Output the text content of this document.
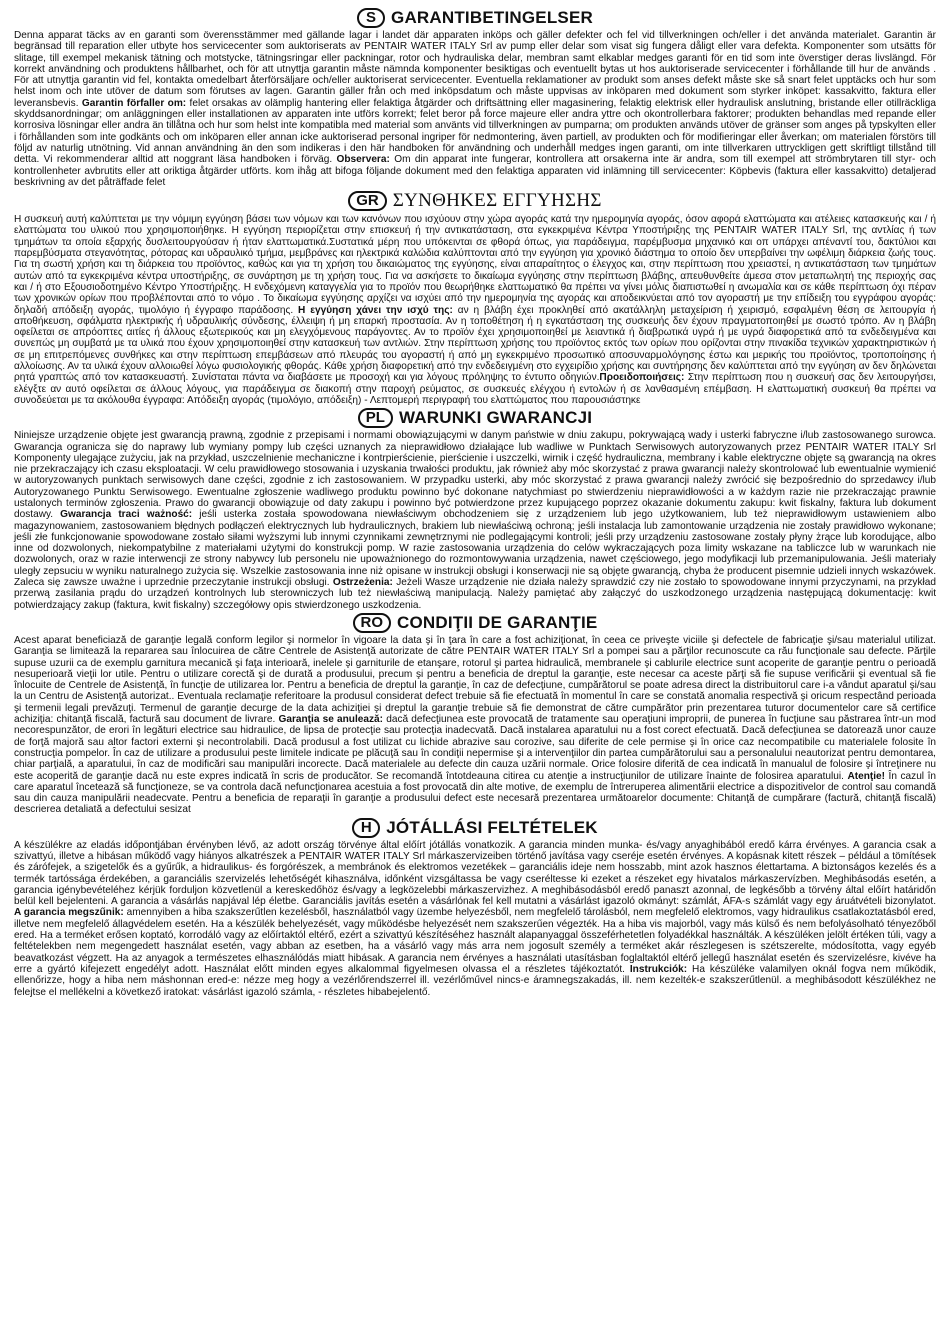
S GARANTIBETINGELSER

Denna apparat täcks av en garanti som överensstämmer med gällande lagar i landet där apparaten inköps och gäller defekter och fel vid tillverkningen och/eller i det använda materialet. Garantin är begränsad till reparation eller utbyte hos servicecenter som auktoriserats av PENTAIR WATER ITALY Srl av pump eller delar som visat sig fungera dåligt eller vara defekta. Komponenter som utsätts för slitage, till exempel mekanisk tätning och motstycke, tätningsringar eller packningar, rotor och hydrauliska delar, membran samt elkablar medges garanti för en tid som inte överstiger deras livslängd. För korrekt användning och produktens hållbarhet, och för att utnyttja garantin måste nämnda komponenter besiktigas och eventuellt bytas ut hos auktoriserade servicecenter i förhållande till hur de används . För att utnyttja garantin vid fel, kontakta omedelbart återförsäljare och/eller auktoriserat servicecenter. Eventuella reklamationer av produkt som anses defekt måste ske så snart felet upptäcks och hur som helst inom och inte utöver de datum som förutses av lagen. Garantin gäller från och med inköpsdatum och måste uppvisas av inköparen med dokument som styrker inköpet: kassakvitto, faktura eller leveransbevis. Garantin förfaller om: felet orsakas av olämplig hantering eller felaktiga åtgärder och driftsättning eller magasinering, felaktig elektrisk eller hydraulisk anslutning, bristande eller otillräckliga skyddsanordningar; om anläggningen eller installationen av apparaten inte utförs korrekt; felet beror på force majeure eller andra yttre och okontrollerbara faktorer; produkten behandlas med repande eller korrosiva lösningar eller andra än tillåtna och hur som helst inte kompatibla med material som använts vid tillverkningen av pumparna; om produkten används utöver de gränser som anges på typskylten eller i förhållanden som inte godkänts och om inköparen eller annan icke auktoriserad personal ingriper för nedmontering, även partiell, av produkten och för modifieringar eller åverkan; om materialen förstörs till följd av naturlig utnötning. Vid annan användning än den som indikeras i den här handboken för användning och underhåll medges ingen garanti, om inte tillverkaren uttryckligen gett skriftligt tillstånd till detta. Vi rekommenderar alltid att noggrant läsa handboken i förväg. Observera: Om din apparat inte fungerar, kontrollera att orsakerna inte är andra, som till exempel att strömbrytaren till styr- och kontrollenheter avbrutits eller att oriktiga åtgärder utförts. kom ihåg att bifoga följande dokument med den felaktiga apparaten vid inlämning till servicecenter: Köpbevis (faktura eller kassakvitto) detaljerad beskrivning av det påträffade felet

GR ΣΥΝΘΗΚΕΣ ΕΓΓΥΗΣΗΣ

Η συσκευή αυτή καλύπτεται με την νόμιμη εγγύηση βάσει των νόμων και των κανόνων που ισχύουν στην χώρα αγοράς κατά την ημερομηνία αγοράς, όσον αφορά ελαττώματα και ατέλειες κατασκευής και / ή ελαττώματα του υλικού που χρησιμοποιήθηκε. Η εγγύηση περιορίζεται στην επισκευή ή την αντικατάσταση, στα εγκεκριμένα Κέντρα Υποστήριξης της PENTAIR WATER ITALY Srl, της αντλίας ή των τμημάτων τα οποία εξαρχής δυσλειτουργούσαν ή ήταν ελαττωματικά.Συστατικά μέρη που υπόκεινται σε φθορά όπως, για παράδειγμα, παρέμβυσμα μηχανικό και οπ υπάρχει απέναντί του, δακτύλιοι και παρεμβύσματα στεγανότητας, ρότορας και υδραυλικό τμήμα, μεμβράνες και ηλεκτρικά καλώδια καλύπτονται από την εγγύηση για χρονικό διάστημα το οποίο δεν υπερβαίνει την ωφέλιμη διάρκεια ζωής τους. Για τη σωστή χρήση και τη διάρκεια του προϊόντος, καθώς και για τη χρήση του δικαιώματος της εγγύησης, είναι απαραίτητος ο έλεγχος και, στην περίπτωση που χρειαστεί, η αντικατάσταση των τμημάτων αυτών από τα εγκεκριμένα κέντρα υποστήριξης, σε συνάρτηση με τη χρήση τους. Για να ασκήσετε το δικαίωμα εγγύησης στην περίπτωση βλάβης, απευθυνθείτε άμεσα στον μεταπωλητή της περιοχής σας και / ή στο Εξουσιοδοτημένο Κέντρο Υποστήριξης. Η ενδεχόμενη καταγγελία για το προϊόν που θεωρήθηκε ελαττωματικό θα πρέπει να γίνει μόλις διαπιστωθεί η ανωμαλία και σε κάθε περίπτωση όχι πέραν των χρονικών ορίων που προβλέπονται από το νόμο . Το δικαίωμα εγγύησης αρχίζει να ισχύει από την ημερομηνία της αγοράς και αποδεικνύεται από τον αγοραστή με την επίδειξη του εγγράφου αγοράς: δηλαδή απόδειξη αγοράς, τιμολόγιο ή έγγραφο παράδοσης. Η εγγύηση χάνει την ισχύ της: αν η βλάβη έχει προκληθεί από ακατάλληλη μεταχείριση ή χειρισμό, εσφαλμένη θέση σε λειτουργία ή αποθήκευση, σφάλματα ηλεκτρικής ή υδραυλικής σύνδεσης, έλλειψη ή μη επαρκή προστασία. Αν η τοποθέτηση ή η εγκατάσταση της συσκευής δεν έχουν πραγματοποιηθεί με σωστό τρόπο. Αν η βλάβη οφείλεται σε απρόοπτες αιτίες ή άλλους εξωτερικούς και μη ελεγχόμενους παράγοντες. Αν το προϊόν έχει χρησιμοποιηθεί με λειαντικά ή διαβρωτικά υγρά ή με υγρά διαφορετικά από τα ενδεδειγμένα και συνεπώς μη συμβατά με τα υλικά που έχουν χρησιμοποιηθεί στην κατασκευή των αντλιών. Στην περίπτωση χρήσης του προϊόντος εκτός των ορίων που ορίζονται στην πινακίδα τεχνικών χαρακτηριστικών ή σε μη επιτρεπόμενες συνθήκες και στην περίπτωση επεμβάσεων από πλευράς του αγοραστή ή από μη εγκεκριμένο προσωπικό αποσυναρμολόγησης έστω και μερικής του προϊόντος, τροποποίησης ή αλλοίωσης. Αν τα υλικά έχουν αλλοιωθεί λόγω φυσιολογικής φθοράς. Κάθε χρήση διαφορετική από την ενδεδειγμένη στο εγχειρίδιο χρήσης και συντήρησης δεν καλύπτεται από την εγγύηση αν δεν δηλώνεται ρητά γραπτώς από τον κατασκευαστή. Συνίσταται πάντα να διαβάσετε με προσοχή και για λόγους πρόληψης το έντυπο οδηγιών.Προειδοποιήσεις: Στην περίπτωση που η συσκευή σας δεν λειτουργήσει, ελέγξτε αν αυτό οφείλεται σε άλλους λόγους, για παράδειγμα σε διακοπή στην παροχή ρεύματος, σε συσκευές ελέγχου ή εντολών ή σε λανθασμένη επέμβαση. Η ελαττωματική συσκευή θα πρέπει να συνοδεύεται με τα ακόλουθα έγγραφα: Απόδειξη αγοράς (τιμολόγιο, απόδειξη) - Λεπτομερή περιγραφή του ελαττώματος που παρουσιάστηκε

PL WARUNKI GWARANCJI

Niniejsze urządzenie objęte jest gwarancją prawną, zgodnie z przepisami i normami obowiązującymi w danym państwie w dniu zakupu, pokrywającą wady i usterki fabryczne i/lub zastosowanego surowca. Gwarancja ogranicza się do naprawy lub wymiany pompy lub części uznanych za nieprawidłowo działające lub wadliwe w Punktach Serwisowych autoryzowanych przez PENTAIR WATER ITALY Srl Komponenty ulegające zużyciu, jak na przykład, uszczelnienie mechaniczne i kontrpierścienie, pierścienie i uszczelki, wirnik i część hydrauliczna, membrany i kable elektryczne objęte są gwarancją na okres nie przekraczający ich czasu eksploatacji. W celu prawidłowego stosowania i uzyskania trwałości produktu, jak również aby móc skorzystać z prawa gwarancji należy skontrolować lub ewentualnie wymienić w autoryzowanych punktach serwisowych dane części, zgodnie z ich zastosowaniem. W przypadku usterki, aby móc skorzystać z prawa gwarancji należy zwrócić się bezpośrednio do sprzedawcy i/lub Autoryzowanego Punktu Serwisowego. Ewentualne zgłoszenie wadliwego produktu powinno być dokonane natychmiast po stwierdzeniu nieprawidłowości a w każdym razie nie przekraczając prawnie ustalonych terminów zgłoszenia. Prawo do gwarancji obowiązuje od daty zakupu i powinno być potwierdzone przez kupującego poprzez okazanie dokumentu zakupu: kwit fiskalny, faktura lub dokument dostawy. Gwarancja traci ważność: jeśli usterka została spowodowana niewłaściwym obchodzeniem się z urządzeniem lub jego użytkowaniem, lub też nieprawidłowym ustawieniem albo magazynowaniem, zastosowaniem błędnych podłączeń elektrycznych lub hydraulicznych, brakiem lub niewłaściwą ochroną; jeśli instalacja lub zamontowanie urządzenia nie zostały prawidłowo wykonane; jeśli złe funkcjonowanie spowodowane zostało siłami wyższymi lub innymi czynnikami zewnętrznymi nie podlegającymi kontroli; jeśli przy urządzeniu zastosowane zostały płyny żrące lub korodujące, albo inne od dozwolonych, niekompatybilne z materiałami użytymi do konstrukcji pomp. W razie zastosowania urządzenia do celów wykraczających poza limity wskazane na tabliczce lub w warunkach nie dozwolonych, oraz w razie interwencji ze strony nabywcy lub personelu nie upoważnionego do rozmontowywania urządzenia, nawet częściowego, jego modyfikacji lub przemanipulowania. Jeśli materiały uległy zepsuciu w wyniku naturalnego zużycia się. Wszelkie zastosowania inne niż opisane w instrukcji obsługi i konserwacji nie są objęte gwarancją, chyba że producent pisemnie udzieli innych wskazówek. Zaleca się zawsze uważne i uprzednie przeczytanie instrukcji obsługi. Ostrzeżenia: Jeżeli Wasze urządzenie nie działa należy sprawdzić czy nie zostało to spowodowane innymi przyczynami, na przykład przerwą zasilania prądu do urządzeń kontrolnych lub sterowniczych lub też niewłaściwą manipulacją. Należy pamiętać aby załączyć do uszkodzonego urządzenia następującą dokumentację: kwit potwierdzający zakup (faktura, kwit fiskalny) szczegółowy opis stwierdzonego uszkodzenia.

RO CONDIŢII DE GARANŢIE

Acest aparat beneficiază de garanţie legală conform legilor şi normelor în vigoare la data şi în ţara în care a fost achiziţionat, în ceea ce priveşte viciile şi defectele de fabricaţie şi/sau materialul utilizat. Garanţia se limitează la repararea sau înlocuirea de către Centrele de Asistenţă autorizate de către PENTAIR WATER ITALY Srl a pompei sau a părţilor recunoscute ca rău funcţionale sau defecte. Părţile supuse uzurii ca de exemplu garnitura mecanică şi faţa interioară, inelele şi garniturile de etanşare, rotorul şi partea hidraulică, membranele şi cablurile electrice sunt acoperite de garanţie pentru o perioadă nesuperioară vieţii lor utile. Pentru o utilizare corectă şi de durată a produsului, precum şi pentru a beneficia de dreptul la garanţie, este necesar ca aceste părţi să fie supuse verificării şi eventual să fie înlocuite de Centrele de Asistenţă, în funcţie de utilizarea lor. Pentru a beneficia de dreptul la garanţie, în caz de defecţiune, cumpărătorul se poate adresa direct la distribuitorul care i-a vândut aparatul şi/sau la un Centru de Asistenţă autorizat.. Eventuala reclamaţie referitoare la produsul considerat defect trebuie să fie efectuată în momentul în care se constată anomalia respectivă şi oricum respectând perioada şi termenii legali prevăzuţi. Termenul de garanţie decurge de la data achiziţiei şi dreptul la garanţie trebuie să fie demonstrat de către cumpărător prin prezentarea tuturor documentelor care să certifice achiziţia: chitanţă fiscală, factură sau document de livrare. Garanţia se anulează: dacă defecţiunea este provocată de tratamente sau operaţiuni improprii, de punerea în fucţiune sau păstrarea într-un mod necorespunzător, de erori în legături electrice sau hidraulice, de lipsa de protecţie sau protecţia inadecvată. Dacă instalarea aparatului nu a fost corect efectuată. Dacă defecţiunea se datorează unor cauze de forţă majoră sau altor factori externi şi necontrolabili. Dacă produsul a fost utilizat cu lichide abrazive sau corozive, sau diferite de cele permise şi în orice caz necompatibile cu materialele folosite în construcţia pompelor. În caz de utilizare a produsului peste limitele indicate pe plăcuţă sau în condiţii nepermise şi a intervenţiilor din partea cumpărătorului sau a personalului neautorizat pentru demontarea, chiar parţială, a aparatului, în caz de modificări sau manipulări incorecte. Dacă materialele au defecte din cauza uzării normale. Orice folosire diferită de cea indicată în manualul de folosire şi întreţinere nu este acoperită de garanţie dacă nu este expres indicată în scris de producător. Se recomandă întotdeauna citirea cu atenţie a instrucţiunilor de utilizare înainte de folosirea aparatului. Atenţie! În cazul în care aparatul încetează să funcţioneze, se va controla dacă nefuncţionarea acestuia a fost provocată din alte motive, de exemplu de întreruperea alimentării electrice a dispozitivelor de control sau comandă sau din cauza manipulării neadecvate. Pentru a beneficia de reparaţii în garanţie a produsului defect este necesară prezentarea următoarelor documente: Chitanţă de cumpărare (factură, chitanţă fiscală) descrierea detaliată a defectului sesizat

H JÓTÁLLÁSI FELTÉTELEK

A készülékre az eladás időpontjában érvényben lévő, az adott ország törvénye által előírt jótállás vonatkozik. A garancia minden munka- és/vagy anyaghibából eredő kárra érvényes. A garancia csak a szivattyú, illetve a hibásan működő vagy hiányos alkatrészek a PENTAIR WATER ITALY Srl márkaszervizeiben történő javítása vagy cseréje esetén érvényes. A kopásnak kitett részek – például a tömítések és zárófejek, a szigetelők és a gyűrűk, a hidraulikus- és forgórészek, a membránok és elektromos vezetékek – garanciális ideje nem hosszabb, mint azok hasznos élettartama. A biztonságos kezelés és a termék tartóssága érdekében, a garanciális szervizelés lehetőségét kihasználva, időnként vizsgáltassa be vagy cseréltesse ki ezeket a részeket egy hivatalos márkaszervízben. Meghibásodás esetén, a garancia igénybevételéhez kérjük forduljon közvetlenül a kereskedőhöz és/vagy a legközelebbi márkaszervizhez. A meghibásodásból eredő panaszt azonnal, de legkésőbb a törvény által előírt határidőn belül kell bejelenteni. A garancia a vásárlás napjával lép életbe. Garanciális javítás esetén a vásárlónak fel kell mutatni a vásárlást igazoló okmányt: számlát, ÁFA-s számlát vagy egy áruátvételi bizonylatot. A garancia megszűnik: amennyiben a hiba szakszerűtlen kezelésből, használatból vagy üzembe helyezésből, nem megfelelő tárolásból, nem megfelelő elektromos, vagy hidraulikus csatlakoztatásból ered, illetve nem megfelelő állagvédelem esetén. Ha a készülék behelyezését, vagy működésbe helyezését nem szakszerűen végezték. Ha a hiba vis majorból, vagy más külső és nem befolyásolható tényezőből ered. Ha a terméket erősen koptató, korrodáló vagy az előírtaktól eltérő, ezért a szivattyú készítéséhez használt alapanyaggal összeférhetetlen folyadékkal használták. A készüléken jelölt értéken túli, vagy a feltételekben nem megengedett használat esetén, vagy abban az esetben, ha a vásárló vagy más arra nem jogosult személy a terméket akár részlegesen is szétszerelte, módosította, vagy egyéb beavatkozást végzett. Ha az anyagok a természetes elhasználódás miatt hibásak. A garancia nem érvényes a használati utasításban foglaltaktól eltérő jellegű használat esetén és szervizelésre, kivéve ha erre a gyártó kifejezett engedélyt adott. Használat előtt minden egyes alkalommal figyelmesen olvassa el a részletes tájékoztatót. Instrukciók: Ha készüléke valamilyen oknál fogva nem működik, ellenőrizze, hogy a hiba nem máshonnan ered-e: nézze meg hogy a vezérlőrendszerrel ill. vezérlőművel nincs-e áramnegszakadás, ill. nem kezelték-e szakszerűtlenül. a meghibásodott készülékhez ne felejtse el mellékelni a következő iratokat: vásárlást igazoló számla, - részletes hibabejelentő.
